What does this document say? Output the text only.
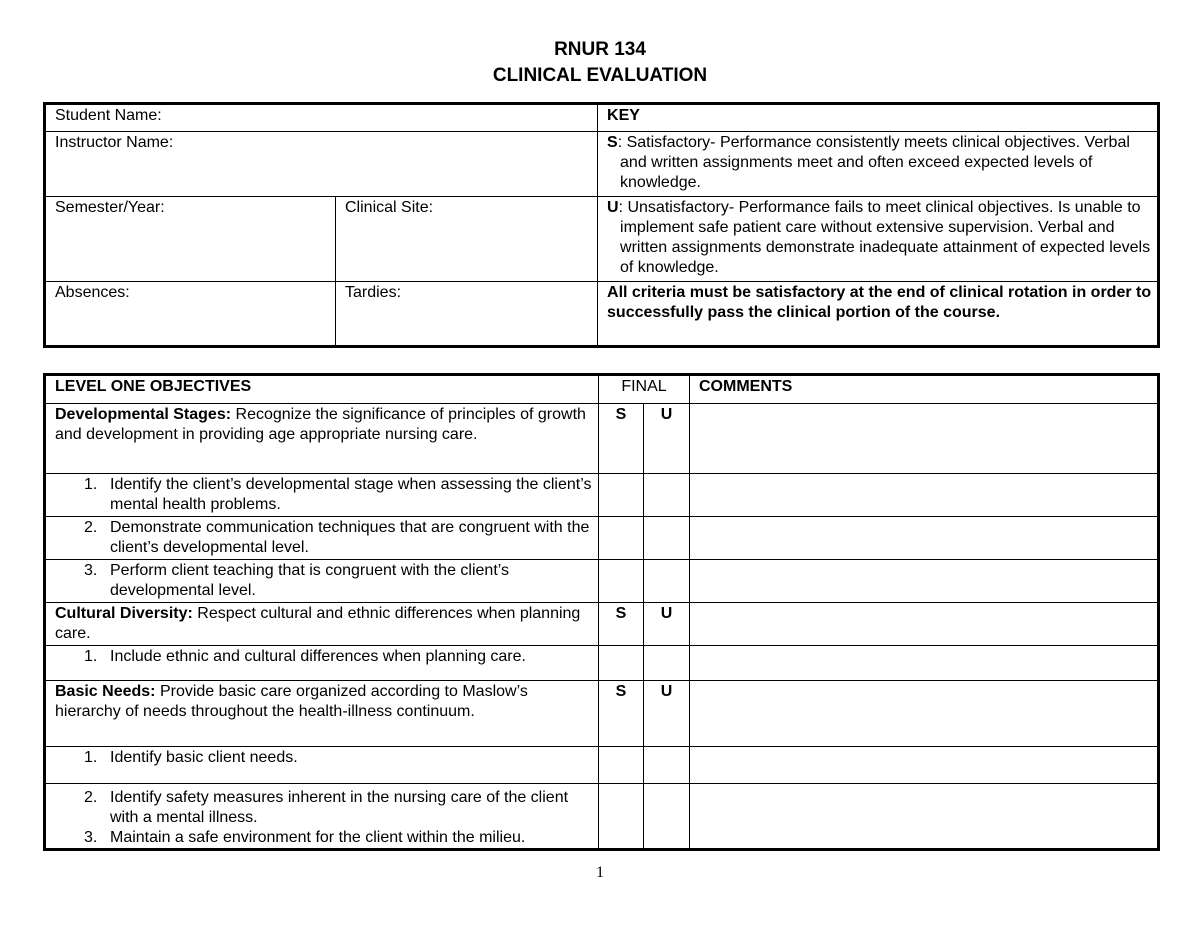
RNUR 134
CLINICAL EVALUATION
Student Name:		KEY
Instructor Name:		S: Satisfactory- Performance consistently meets clinical objectives. Verbal and written assignments meet and often exceed expected levels of knowledge.
Semester/Year:	Clinical Site:	U: Unsatisfactory- Performance fails to meet clinical objectives. Is unable to implement safe patient care without extensive supervision. Verbal and written assignments demonstrate inadequate attainment of expected levels of knowledge.
Absences:	Tardies:	All criteria must be satisfactory at the end of clinical rotation in order to successfully pass the clinical portion of the course.
LEVEL ONE OBJECTIVES	FINAL		COMMENTS
Developmental Stages: Recognize the significance of principles of growth and development in providing age appropriate nursing care.	S	U	

1. Identify the client’s developmental stage when assessing the client’s mental health problems.			

2. Demonstrate communication techniques that are congruent with the client’s developmental level.			

3. Perform client teaching that is congruent with the client’s developmental level.			

Cultural Diversity: Respect cultural and ethnic differences when planning care.	S	U	

1. Include ethnic and cultural differences when planning care.			

Basic Needs: Provide basic care organized according to Maslow’s hierarchy of needs throughout the health-illness continuum.	S	U	

1. Identify basic client needs.			

2. Identify safety measures inherent in the nursing care of the client with a mental illness.
3. Maintain a safe environment for the client within the milieu.			

1
